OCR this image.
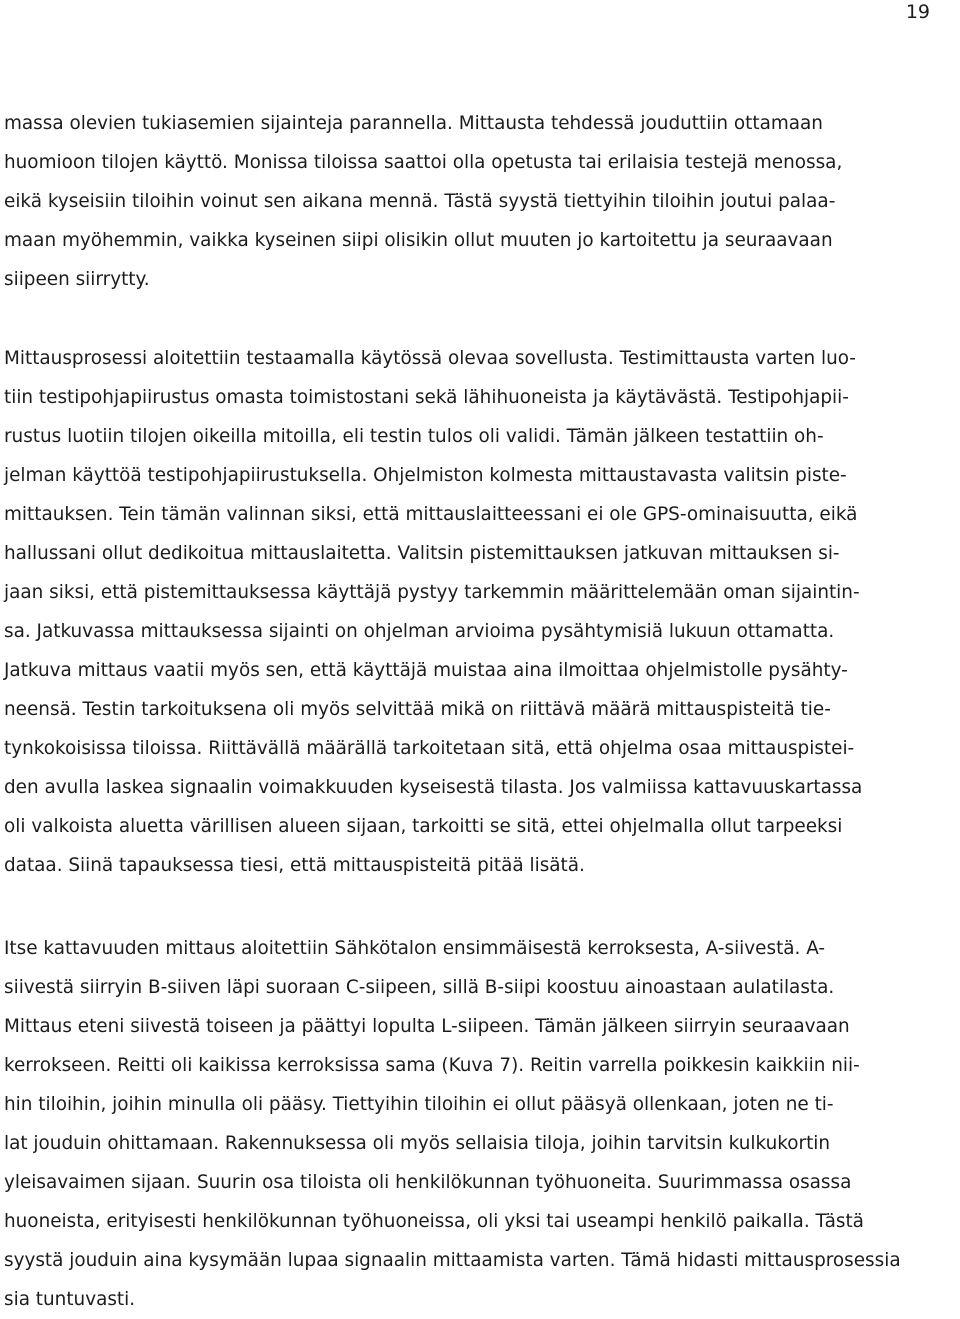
19

massa olevien tukiasemien sijainteja parannella. Mittausta tehdessä jouduttiin ottamaan
huomioon tilojen käyttö. Monissa tiloissa saattoi olla opetusta tai erilaisia testejä menossa,
eikä kyseisiin tiloihin voinut sen aikana mennä. Tästä syystä tiettyihin tiloihin joutui palaa-
maan myöhemmin, vaikka kyseinen siipi olisikin ollut muuten jo kartoitettu ja seuraavaan
siipeen siirrytty.

Mittausprosessi aloitettiin testaamalla käytössä olevaa sovellusta. Testimittausta varten luo-
tiin testipohjapiirustus omasta toimistostani sekä lähihuoneista ja käytävästä. Testipohjapii-
rustus luotiin tilojen oikeilla mitoilla, eli testin tulos oli validi. Tämän jälkeen testattiin oh-
jelman käyttöä testipohjapiirustuksella. Ohjelmiston kolmesta mittaustavasta valitsin piste-
mittauksen. Tein tämän valinnan siksi, että mittauslaitteessani ei ole GPS-ominaisuutta, eikä
hallussani ollut dedikoitua mittauslaitetta. Valitsin pistemittauksen jatkuvan mittauksen si-
jaan siksi, että pistemittauksessa käyttäjä pystyy tarkemmin määrittelemään oman sijaintin-
sa. Jatkuvassa mittauksessa sijainti on ohjelman arvioima pysähtymisiä lukuun ottamatta.
Jatkuva mittaus vaatii myös sen, että käyttäjä muistaa aina ilmoittaa ohjelmistolle pysähty-
neensä. Testin tarkoituksena oli myös selvittää mikä on riittävä määrä mittauspisteitä tie-
tynkokoisissa tiloissa. Riittävällä määrällä tarkoitetaan sitä, että ohjelma osaa mittauspistei-
den avulla laskea signaalin voimakkuuden kyseisestä tilasta. Jos valmiissa kattavuuskartassa
oli valkoista aluetta värillisen alueen sijaan, tarkoitti se sitä, ettei ohjelmalla ollut tarpeeksi
dataa. Siinä tapauksessa tiesi, että mittauspisteitä pitää lisätä.

Itse kattavuuden mittaus aloitettiin Sähkötalon ensimmäisestä kerroksesta, A-siivestä. A-
siivestä siirryin B-siiven läpi suoraan C-siipeen, sillä B-siipi koostuu ainoastaan aulatilasta.
Mittaus eteni siivestä toiseen ja päättyi lopulta L-siipeen. Tämän jälkeen siirryin seuraavaan
kerrokseen. Reitti oli kaikissa kerroksissa sama (Kuva 7). Reitin varrella poikkesin kaikkiin nii-
hin tiloihin, joihin minulla oli pääsy. Tiettyihin tiloihin ei ollut pääsyä ollenkaan, joten ne ti-
lat jouduin ohittamaan. Rakennuksessa oli myös sellaisia tiloja, joihin tarvitsin kulkukortin
yleisavaimen sijaan. Suurin osa tiloista oli henkilökunnan työhuoneita. Suurimmassa osassa
huoneista, erityisesti henkilökunnan työhuoneissa, oli yksi tai useampi henkilö paikalla. Tästä
syystä jouduin aina kysymään lupaa signaalin mittaamista varten. Tämä hidasti mittausprosessia
sia tuntuvasti.
